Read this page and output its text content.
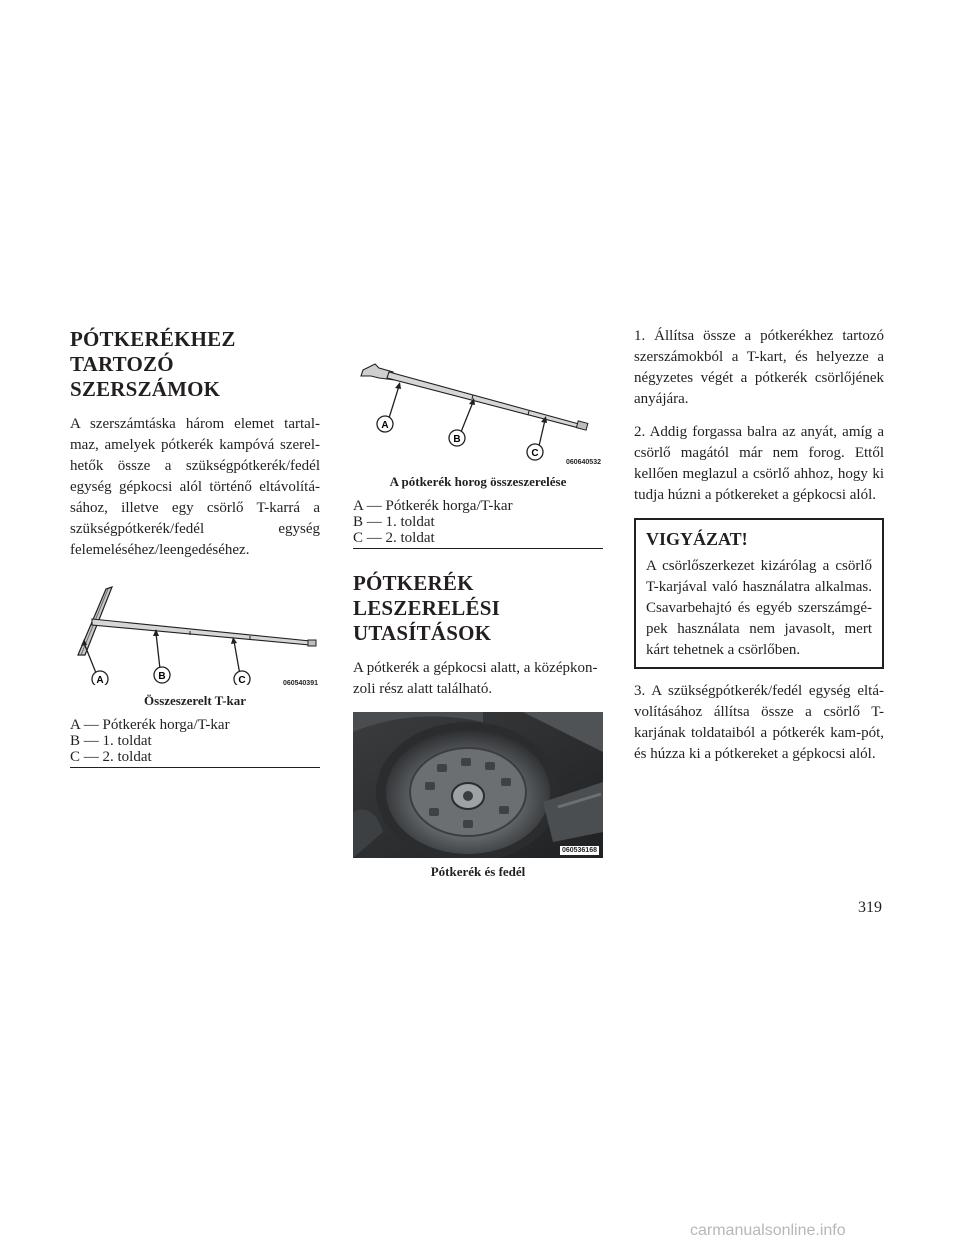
PÓTKERÉKHEZ
TARTOZÓ SZERSZÁMOK

A szerszámtáska három elemet tartal-maz, amelyek pótkerék kampóvá szerel-hetők össze a szükségpótkerék/fedél egység gépkocsi alól történő eltávolítá-sához, illetve egy csörlő T-karrá a szükségpótkerék/fedél egység felemeléséhez/leengedéséhez.

A	B	C	060540391
Összeszerelt T-kar
A — Pótkerék horga/T-kar
B — 1. toldat
C — 2. toldat
A
B
C
060640532
A pótkerék horog összeszerelése
A — Pótkerék horga/T-kar
B — 1. toldat
C — 2. toldat
PÓTKERÉK LESZERELÉSI
UTASÍTÁSOK

A pótkerék a gépkocsi alatt, a középkon-zoli rész alatt található.

060536168
Pótkerék és fedél

1. Állítsa össze a pótkerékhez tartozó szerszámokból a T-kart, és helyezze a négyzetes végét a pótkerék csörlőjének anyájára.

2. Addig forgassa balra az anyát, amíg a csörlő magától már nem forog. Ettől kellően meglazul a csörlő ahhoz, hogy ki tudja húzni a pótkereket a gépkocsi alól.

VIGYÁZAT!

A csörlőszerkezet kizárólag a csörlő T-karjával való használatra alkalmas. Csavarbehajtó és egyéb szerszámgé-pek használata nem javasolt, mert kárt tehetnek a csörlőben.

3. A szükségpótkerék/fedél egység eltá-volításához állítsa össze a csörlő T-karjának toldataiból a pótkerék kam-pót, és húzza ki a pótkereket a gépkocsi alól.

319
carmanualsonline.info
